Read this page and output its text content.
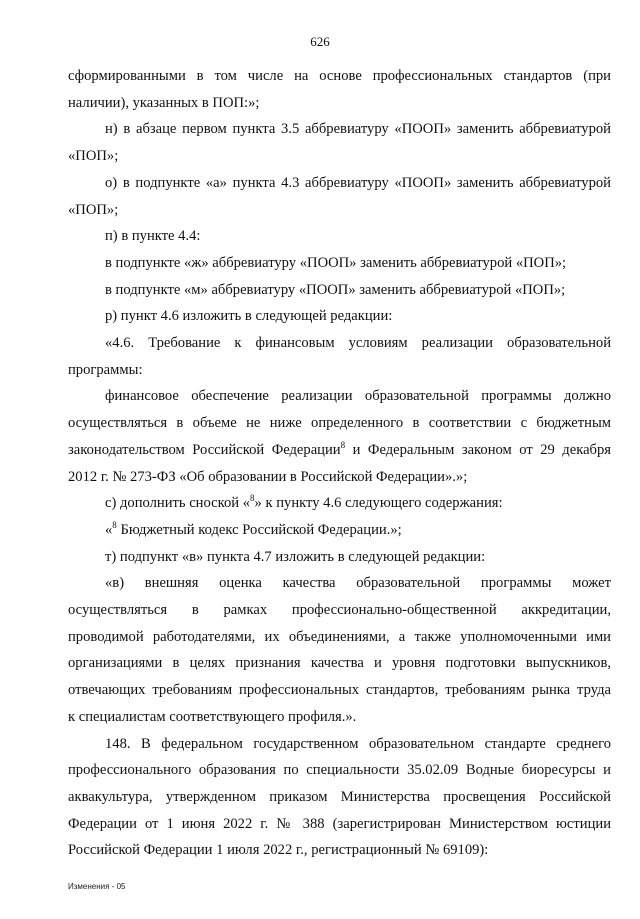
626

сформированными в том числе на основе профессиональных стандартов (при наличии), указанных в ПОП:»;

н) в абзаце первом пункта 3.5 аббревиатуру «ПООП» заменить аббревиатурой «ПОП»;

о) в подпункте «а» пункта 4.3 аббревиатуру «ПООП» заменить аббревиатурой «ПОП»;

п) в пункте 4.4:

в подпункте «ж» аббревиатуру «ПООП» заменить аббревиатурой «ПОП»;

в подпункте «м» аббревиатуру «ПООП» заменить аббревиатурой «ПОП»;

р) пункт 4.6 изложить в следующей редакции:

«4.6. Требование к финансовым условиям реализации образовательной программы:

финансовое обеспечение реализации образовательной программы должно осуществляться в объеме не ниже определенного в соответствии с бюджетным законодательством Российской Федерации$^8$ и Федеральным законом от 29 декабря 2012 г. № 273-ФЗ «Об образовании в Российской Федерации».»;

с) дополнить сноской «$^8$» к пункту 4.6 следующего содержания:

«$^8$ Бюджетный кодекс Российской Федерации.»;

т) подпункт «в» пункта 4.7 изложить в следующей редакции:

«в) внешняя оценка качества образовательной программы может

осуществляться в рамках профессионально-общественной аккредитации,

проводимой работодателями, их объединениями, а также уполномоченными ими

организациями в целях признания качества и уровня подготовки выпускников,

отвечающих требованиям профессиональных стандартов, требованиям рынка труда

к специалистам соответствующего профиля.».

148. В федеральном государственном образовательном стандарте среднего профессионального образования по специальности 35.02.09 Водные биоресурсы и аквакультура, утвержденном приказом Министерства просвещения Российской Федерации от 1 июня 2022 г. № 388 (зарегистрирован Министерством юстиции Российской Федерации 1 июля 2022 г., регистрационный № 69109):

Изменения - 05
